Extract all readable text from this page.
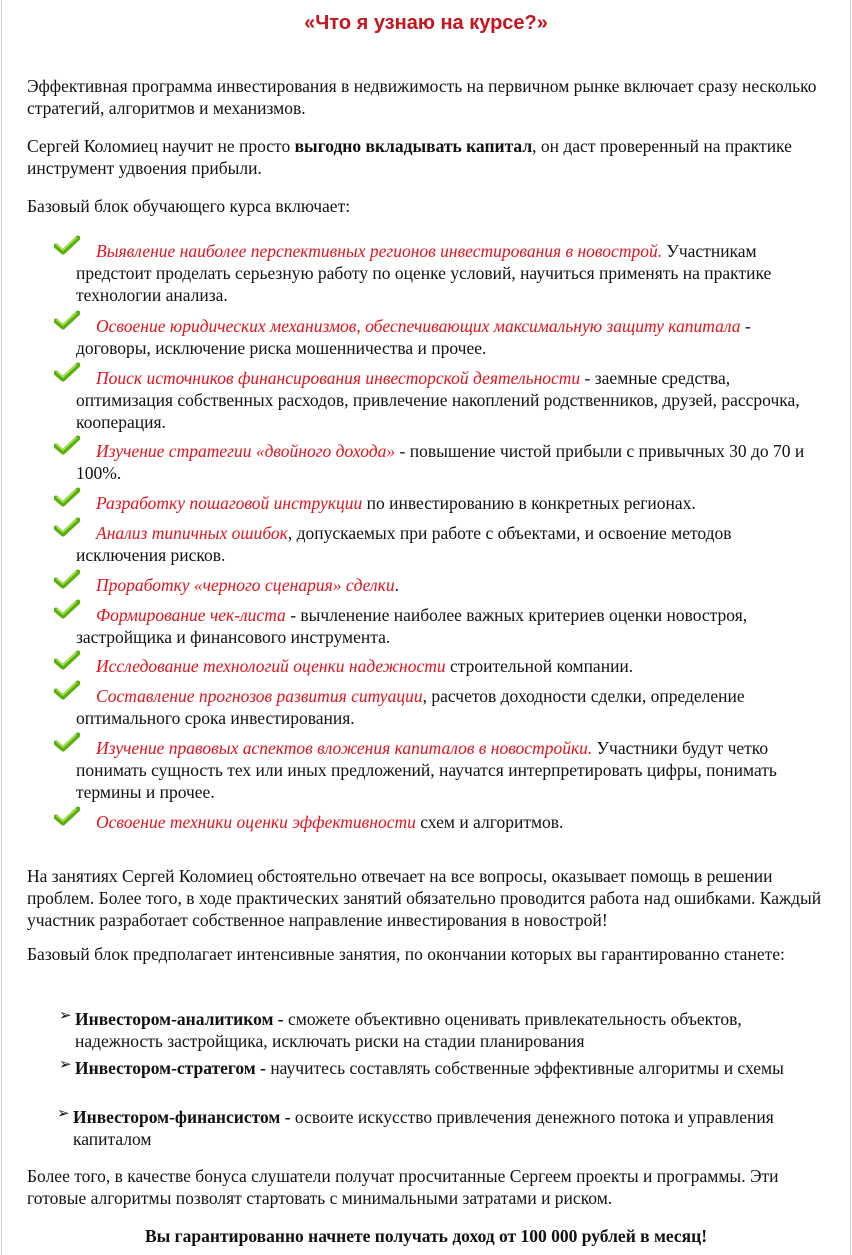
«Что я узнаю на курсе?»

Эффективная программа инвестирования в недвижимость на первичном рынке включает сразу несколько стратегий, алгоритмов и механизмов.

Сергей Коломиец научит не просто выгодно вкладывать капитал, он даст проверенный на практике инструмент удвоения прибыли.

Базовый блок обучающего курса включает:

Выявление наиболее перспективных регионов инвестирования в новострой. Участникам предстоит проделать серьезную работу по оценке условий, научиться применять на практике технологии анализа.
Освоение юридических механизмов, обеспечивающих максимальную защиту капитала - договоры, исключение риска мошенничества и прочее.
Поиск источников финансирования инвесторской деятельности - заемные средства, оптимизация собственных расходов, привлечение накоплений родственников, друзей, рассрочка, кооперация.
Изучение стратегии «двойного дохода» - повышение чистой прибыли с привычных 30 до 70 и 100%.
Разработку пошаговой инструкции по инвестированию в конкретных регионах.
Анализ типичных ошибок, допускаемых при работе с объектами, и освоение методов исключения рисков.
Проработку «черного сценария» сделки.
Формирование чек-листа - вычленение наиболее важных критериев оценки новостроя, застройщика и финансового инструмента.
Исследование технологий оценки надежности строительной компании.
Составление прогнозов развития ситуации, расчетов доходности сделки, определение оптимального срока инвестирования.
Изучение правовых аспектов вложения капиталов в новостройки. Участники будут четко понимать сущность тех или иных предложений, научатся интерпретировать цифры, понимать термины и прочее.
Освоение техники оценки эффективности схем и алгоритмов.

На занятиях Сергей Коломиец обстоятельно отвечает на все вопросы, оказывает помощь в решении проблем. Более того, в ходе практических занятий обязательно проводится работа над ошибками. Каждый участник разработает собственное направление инвестирования в новострой!

Базовый блок предполагает интенсивные занятия, по окончании которых вы гарантированно станете:

➢ Инвестором-аналитиком - сможете объективно оценивать привлекательность объектов, надежность застройщика, исключать риски на стадии планирования
➢ Инвестором-стратегом - научитесь составлять собственные эффективные алгоритмы и схемы
➢ Инвестором-финансистом - освоите искусство привлечения денежного потока и управления капиталом

Более того, в качестве бонуса слушатели получат просчитанные Сергеем проекты и программы. Эти готовые алгоритмы позволят стартовать с минимальными затратами и риском.

Вы гарантированно начнете получать доход от 100 000 рублей в месяц!
